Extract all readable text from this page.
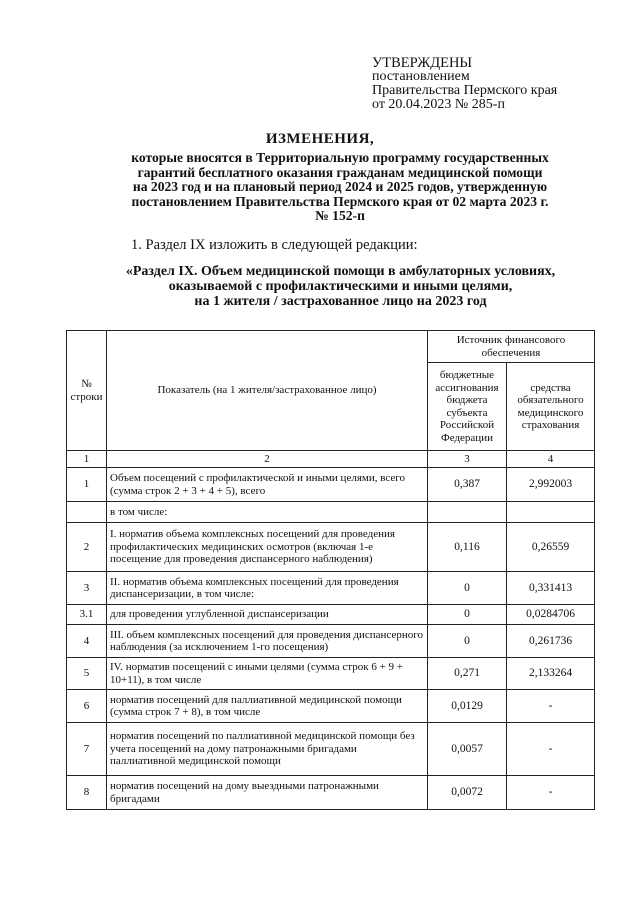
УТВЕРЖДЕНЫ
постановлением
Правительства Пермского края
от 20.04.2023 № 285-п
ИЗМЕНЕНИЯ,
которые вносятся в Территориальную программу государственных
гарантий бесплатного оказания гражданам медицинской помощи
на 2023 год и на плановый период 2024 и 2025 годов, утвержденную
постановлением Правительства Пермского края от 02 марта 2023 г.
№ 152-п
1. Раздел IX изложить в следующей редакции:
«Раздел IX. Объем медицинской помощи в амбулаторных условиях,
оказываемой с профилактическими и иными целями,
на 1 жителя / застрахованное лицо на 2023 год
№ строки	Показатель (на 1 жителя/застрахованное лицо)	Источник финансового обеспечения	
		бюджетные ассигнования бюджета субъекта Российской Федерации	средства обязательного медицинского страхования
1	2	3	4
1	Объем посещений с профилактической и иными целями, всего (сумма строк 2 + 3 + 4 + 5), всего	0,387	2,992003
	в том числе:		
2	I. норматив объема комплексных посещений для проведения профилактических медицинских осмотров (включая 1-е посещение для проведения диспансерного наблюдения)	0,116	0,26559
3	II. норматив объема комплексных посещений для проведения диспансеризации, в том числе:	0	0,331413
3.1	для проведения углубленной диспансеризации	0	0,0284706
4	III. объем комплексных посещений для проведения диспансерного наблюдения (за исключением 1-го посещения)	0	0,261736
5	IV. норматив посещений с иными целями (сумма строк 6 + 9 + 10+11), в том числе	0,271	2,133264
6	норматив посещений для паллиативной медицинской помощи (сумма строк 7 + 8), в том числе	0,0129	-
7	норматив посещений по паллиативной медицинской помощи без учета посещений на дому патронажными бригадами паллиативной медицинской помощи	0,0057	-
8	норматив посещений на дому выездными патронажными бригадами	0,0072	-
